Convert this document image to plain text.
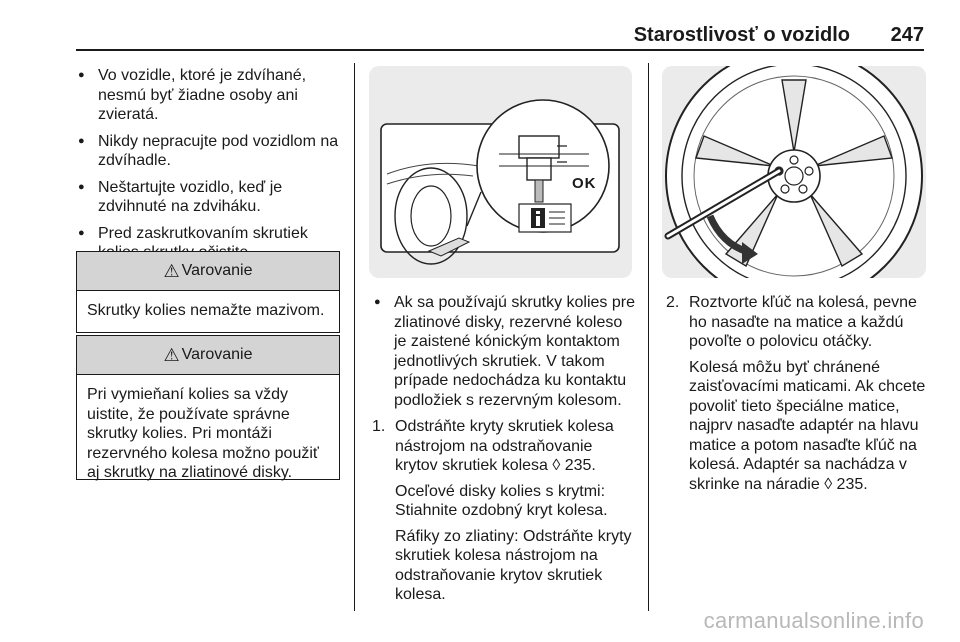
Starostlivosť o vozidlo 247
● Vo vozidle, ktoré je zdvíhané, nesmú byť žiadne osoby ani zvieratá.
● Nikdy nepracujte pod vozidlom na zdvíhadle.
● Neštartujte vozidlo, keď je zdvihnuté na zdviháku.
● Pred zaskrutkovaním skrutiek
⚠ Varovanie
Skrutky kolies nemažte mazivom.
⚠ Varovanie
Pri vymieňaní kolies sa vždy uistite, že používate správne skrutky kolies. Pri montáži rezervného kolesa možno použiť aj skrutky na zliatinové disky.
OK
● Ak sa používajú skrutky kolies pre zliatinové disky, rezervné koleso je zaistené kónickým kontaktom jednotlivých skrutiek. V takom prípade nedochádza ku kontaktu podložiek s rezervným kolesom.
1. Odstráňte kryty skrutiek kolesa nástrojom na odstraňovanie krytov skrutiek kolesa ◊ 235.
Oceľové disky kolies s krytmi: Stiahnite ozdobný kryt kolesa.
Ráfiky zo zliatiny: Odstráňte kryty skrutiek kolesa nástrojom na odstraňovanie krytov skrutiek kolesa.
2. Roztvorte kľúč na kolesá, pevne ho nasaďte na matice a každú povoľte o polovicu otáčky.
Kolesá môžu byť chránené zaisťovacími maticami. Ak chcete povoliť tieto špeciálne matice, najprv nasaďte adaptér na hlavu matice a potom nasaďte kľúč na kolesá. Adaptér sa nachádza v skrinke na náradie ◊ 235.
carmanualsonline.info
